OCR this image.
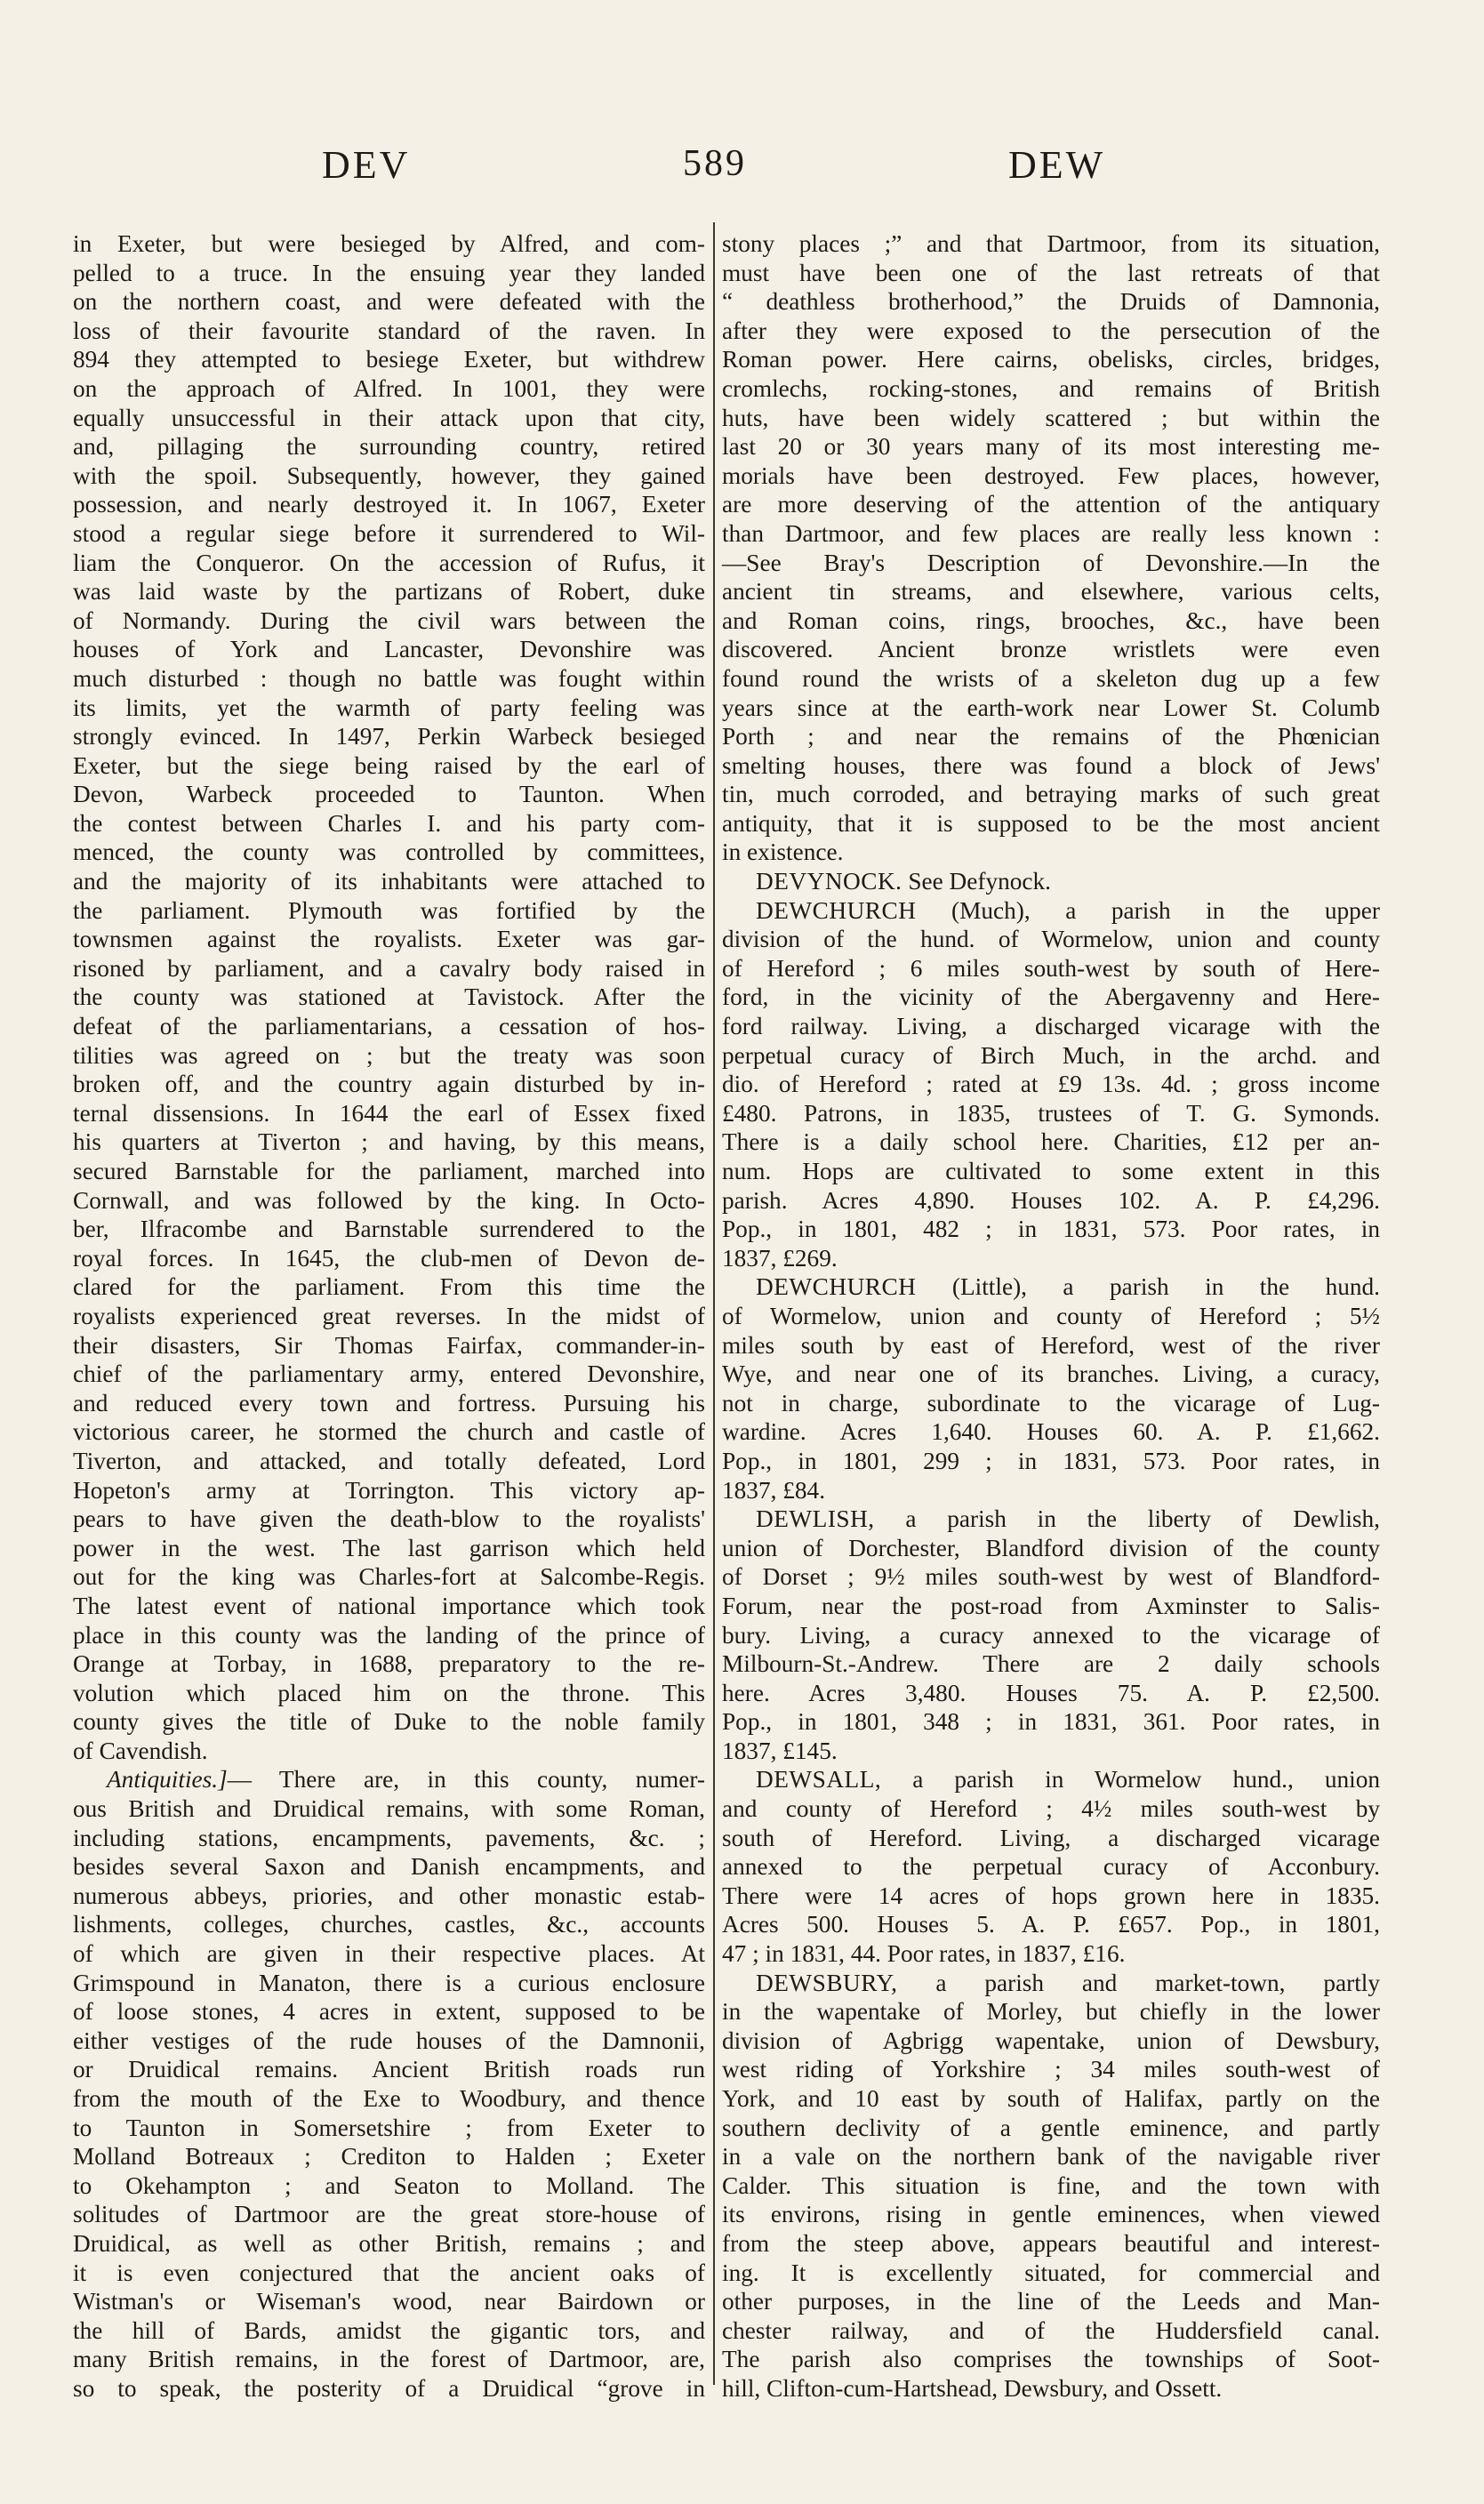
DEV	589	DEW

in Exeter, but were besieged by Alfred, and com-
pelled to a truce. In the ensuing year they landed
on the northern coast, and were defeated with the
loss of their favourite standard of the raven. In
894 they attempted to besiege Exeter, but withdrew
on the approach of Alfred. In 1001, they were
equally unsuccessful in their attack upon that city,
and, pillaging the surrounding country, retired
with the spoil. Subsequently, however, they gained
possession, and nearly destroyed it. In 1067, Exeter
stood a regular siege before it surrendered to Wil-
liam the Conqueror. On the accession of Rufus, it
was laid waste by the partizans of Robert, duke
of Normandy. During the civil wars between the
houses of York and Lancaster, Devonshire was
much disturbed : though no battle was fought within
its limits, yet the warmth of party feeling was
strongly evinced. In 1497, Perkin Warbeck besieged
Exeter, but the siege being raised by the earl of
Devon, Warbeck proceeded to Taunton. When
the contest between Charles I. and his party com-
menced, the county was controlled by committees,
and the majority of its inhabitants were attached to
the parliament. Plymouth was fortified by the
townsmen against the royalists. Exeter was gar-
risoned by parliament, and a cavalry body raised in
the county was stationed at Tavistock. After the
defeat of the parliamentarians, a cessation of hos-
tilities was agreed on ; but the treaty was soon
broken off, and the country again disturbed by in-
ternal dissensions. In 1644 the earl of Essex fixed
his quarters at Tiverton ; and having, by this means,
secured Barnstable for the parliament, marched into
Cornwall, and was followed by the king. In Octo-
ber, Ilfracombe and Barnstable surrendered to the
royal forces. In 1645, the club-men of Devon de-
clared for the parliament. From this time the
royalists experienced great reverses. In the midst of
their disasters, Sir Thomas Fairfax, commander-in-
chief of the parliamentary army, entered Devonshire,
and reduced every town and fortress. Pursuing his
victorious career, he stormed the church and castle of
Tiverton, and attacked, and totally defeated, Lord
Hopeton's army at Torrington. This victory ap-
pears to have given the death-blow to the royalists'
power in the west. The last garrison which held
out for the king was Charles-fort at Salcombe-Regis.
The latest event of national importance which took
place in this county was the landing of the prince of
Orange at Torbay, in 1688, preparatory to the re-
volution which placed him on the throne. This
county gives the title of Duke to the noble family
of Cavendish.

Antiquities.]— There are, in this county, numer-
ous British and Druidical remains, with some Roman,
including stations, encampments, pavements, &c. ;
besides several Saxon and Danish encampments, and
numerous abbeys, priories, and other monastic estab-
lishments, colleges, churches, castles, &c., accounts
of which are given in their respective places. At
Grimspound in Manaton, there is a curious enclosure
of loose stones, 4 acres in extent, supposed to be
either vestiges of the rude houses of the Damnonii,
or Druidical remains. Ancient British roads run
from the mouth of the Exe to Woodbury, and thence
to Taunton in Somersetshire ; from Exeter to
Molland Botreaux ; Crediton to Halden ; Exeter
to Okehampton ; and Seaton to Molland. The
solitudes of Dartmoor are the great store-house of
Druidical, as well as other British, remains ; and
it is even conjectured that the ancient oaks of
Wistman's or Wiseman's wood, near Bairdown or
the hill of Bards, amidst the gigantic tors, and
many British remains, in the forest of Dartmoor, are,
so to speak, the posterity of a Druidical “grove in

stony places ;” and that Dartmoor, from its situation,
must have been one of the last retreats of that
“ deathless brotherhood,” the Druids of Damnonia,
after they were exposed to the persecution of the
Roman power. Here cairns, obelisks, circles, bridges,
cromlechs, rocking-stones, and remains of British
huts, have been widely scattered ; but within the
last 20 or 30 years many of its most interesting me-
morials have been destroyed. Few places, however,
are more deserving of the attention of the antiquary
than Dartmoor, and few places are really less known :
—See Bray's Description of Devonshire.—In the
ancient tin streams, and elsewhere, various celts,
and Roman coins, rings, brooches, &c., have been
discovered. Ancient bronze wristlets were even
found round the wrists of a skeleton dug up a few
years since at the earth-work near Lower St. Columb
Porth ; and near the remains of the Phœnician
smelting houses, there was found a block of Jews'
tin, much corroded, and betraying marks of such great
antiquity, that it is supposed to be the most ancient
in existence.

DEVYNOCK. See Defynock.

DEWCHURCH (Much), a parish in the upper
division of the hund. of Wormelow, union and county
of Hereford ; 6 miles south-west by south of Here-
ford, in the vicinity of the Abergavenny and Here-
ford railway. Living, a discharged vicarage with the
perpetual curacy of Birch Much, in the archd. and
dio. of Hereford ; rated at £9 13s. 4d. ; gross income
£480. Patrons, in 1835, trustees of T. G. Symonds.
There is a daily school here. Charities, £12 per an-
num. Hops are cultivated to some extent in this
parish. Acres 4,890. Houses 102. A. P. £4,296.
Pop., in 1801, 482 ; in 1831, 573. Poor rates, in
1837, £269.

DEWCHURCH (Little), a parish in the hund.
of Wormelow, union and county of Hereford ; 5½
miles south by east of Hereford, west of the river
Wye, and near one of its branches. Living, a curacy,
not in charge, subordinate to the vicarage of Lug-
wardine. Acres 1,640. Houses 60. A. P. £1,662.
Pop., in 1801, 299 ; in 1831, 573. Poor rates, in
1837, £84.

DEWLISH, a parish in the liberty of Dewlish,
union of Dorchester, Blandford division of the county
of Dorset ; 9½ miles south-west by west of Blandford-
Forum, near the post-road from Axminster to Salis-
bury. Living, a curacy annexed to the vicarage of
Milbourn-St.-Andrew. There are 2 daily schools
here. Acres 3,480. Houses 75. A. P. £2,500.
Pop., in 1801, 348 ; in 1831, 361. Poor rates, in
1837, £145.

DEWSALL, a parish in Wormelow hund., union
and county of Hereford ; 4½ miles south-west by
south of Hereford. Living, a discharged vicarage
annexed to the perpetual curacy of Acconbury.
There were 14 acres of hops grown here in 1835.
Acres 500. Houses 5. A. P. £657. Pop., in 1801,
47 ; in 1831, 44. Poor rates, in 1837, £16.

DEWSBURY, a parish and market-town, partly
in the wapentake of Morley, but chiefly in the lower
division of Agbrigg wapentake, union of Dewsbury,
west riding of Yorkshire ; 34 miles south-west of
York, and 10 east by south of Halifax, partly on the
southern declivity of a gentle eminence, and partly
in a vale on the northern bank of the navigable river
Calder. This situation is fine, and the town with
its environs, rising in gentle eminences, when viewed
from the steep above, appears beautiful and interest-
ing. It is excellently situated, for commercial and
other purposes, in the line of the Leeds and Man-
chester railway, and of the Huddersfield canal.
The parish also comprises the townships of Soot-
hill, Clifton-cum-Hartshead, Dewsbury, and Ossett.
